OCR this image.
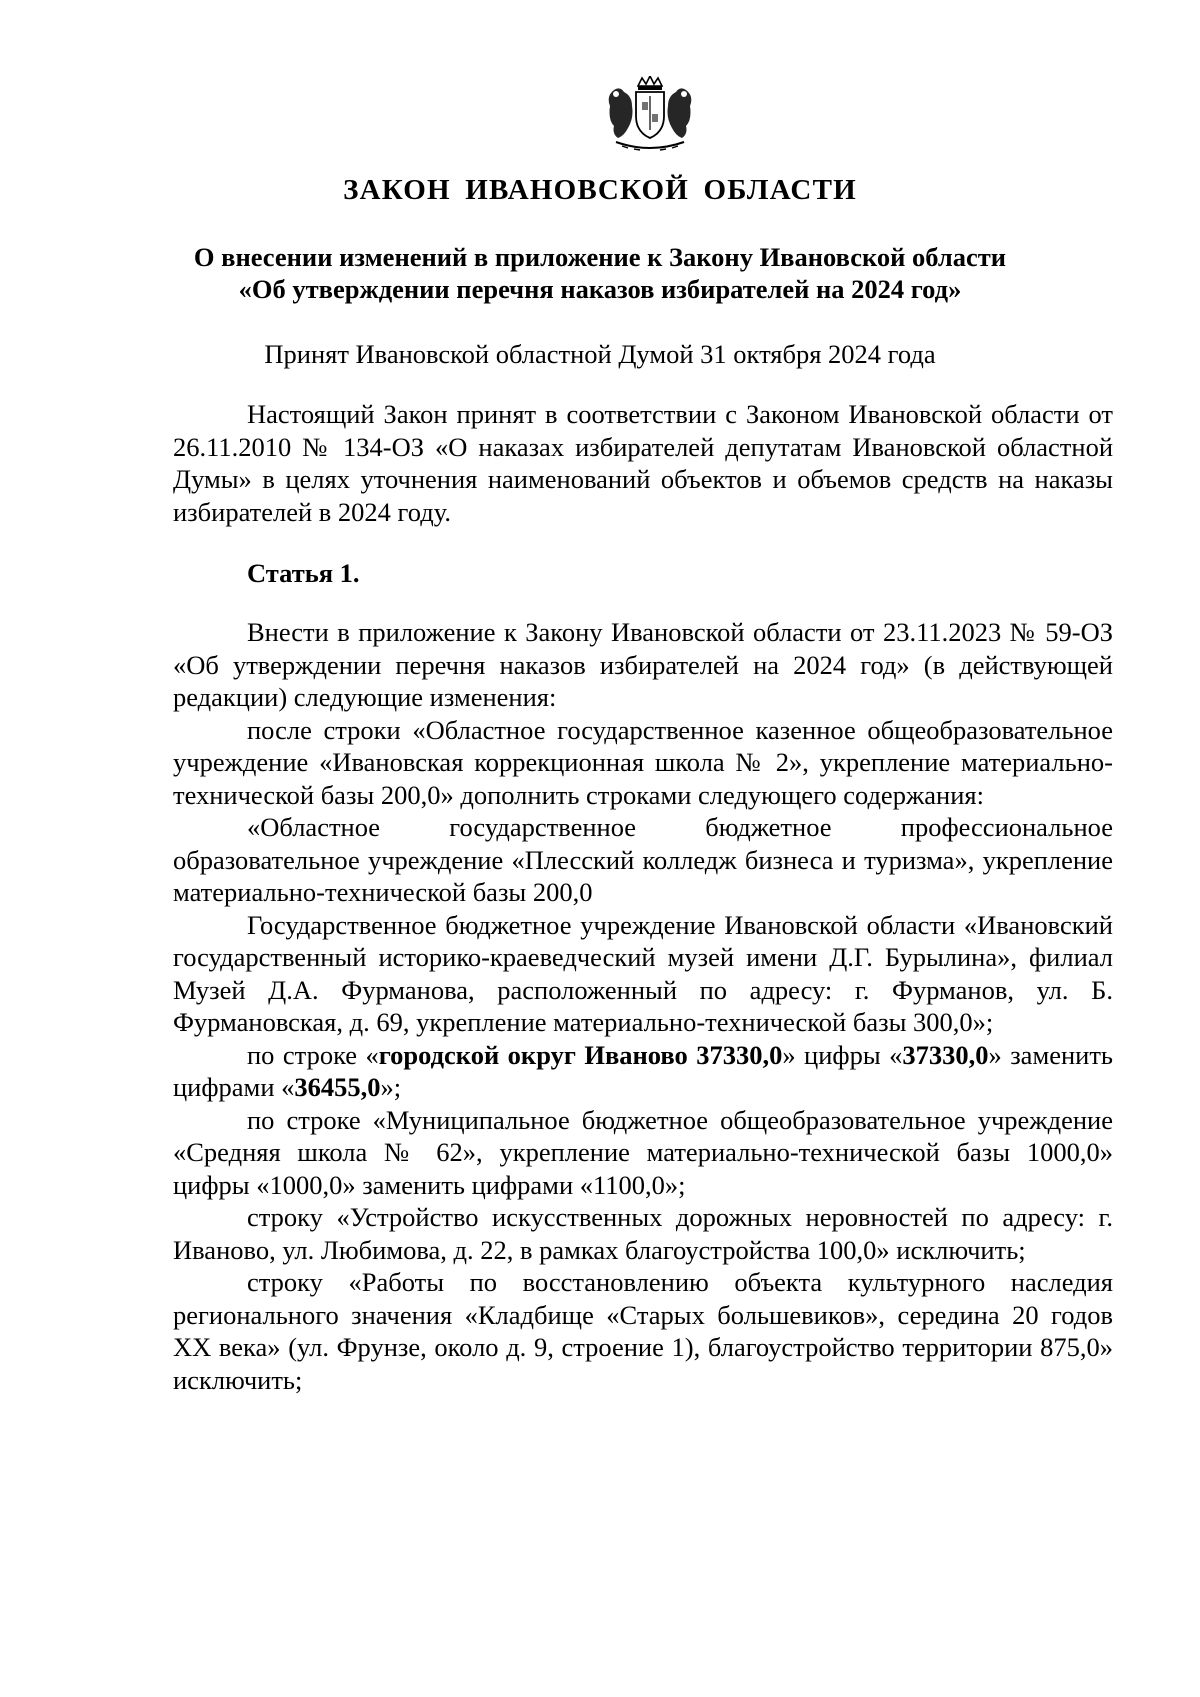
ЗАКОН ИВАНОВСКОЙ ОБЛАСТИ
О внесении изменений в приложение к Закону Ивановской области
«Об утверждении перечня наказов избирателей на 2024 год»
Принят Ивановской областной Думой 31 октября 2024 года

Настоящий Закон принят в соответствии с Законом Ивановской области от 26.11.2010 № 134-ОЗ «О наказах избирателей депутатам Ивановской областной Думы» в целях уточнения наименований объектов и объемов средств на наказы избирателей в 2024 году.

Статья 1.

Внести в приложение к Закону Ивановской области от 23.11.2023 № 59-ОЗ «Об утверждении перечня наказов избирателей на 2024 год» (в действующей редакции) следующие изменения:

после строки «Областное государственное казенное общеобразовательное учреждение «Ивановская коррекционная школа № 2», укрепление материально-технической базы 200,0» дополнить строками следующего содержания:

«Областное государственное бюджетное профессиональное образовательное учреждение «Плесский колледж бизнеса и туризма», укрепление материально-технической базы 200,0

Государственное бюджетное учреждение Ивановской области «Ивановский государственный историко-краеведческий музей имени Д.Г. Бурылина», филиал Музей Д.А. Фурманова, расположенный по адресу: г. Фурманов, ул. Б. Фурмановская, д. 69, укрепление материально-технической базы 300,0»;

по строке «городской округ Иваново 37330,0» цифры «37330,0» заменить цифрами «36455,0»;

по строке «Муниципальное бюджетное общеобразовательное учреждение «Средняя школа № 62», укрепление материально-технической базы 1000,0» цифры «1000,0» заменить цифрами «1100,0»;

строку «Устройство искусственных дорожных неровностей по адресу: г. Иваново, ул. Любимова, д. 22, в рамках благоустройства 100,0» исключить;

строку «Работы по восстановлению объекта культурного наследия регионального значения «Кладбище «Старых большевиков», середина 20 годов XX века» (ул. Фрунзе, около д. 9, строение 1), благоустройство территории 875,0» исключить;
